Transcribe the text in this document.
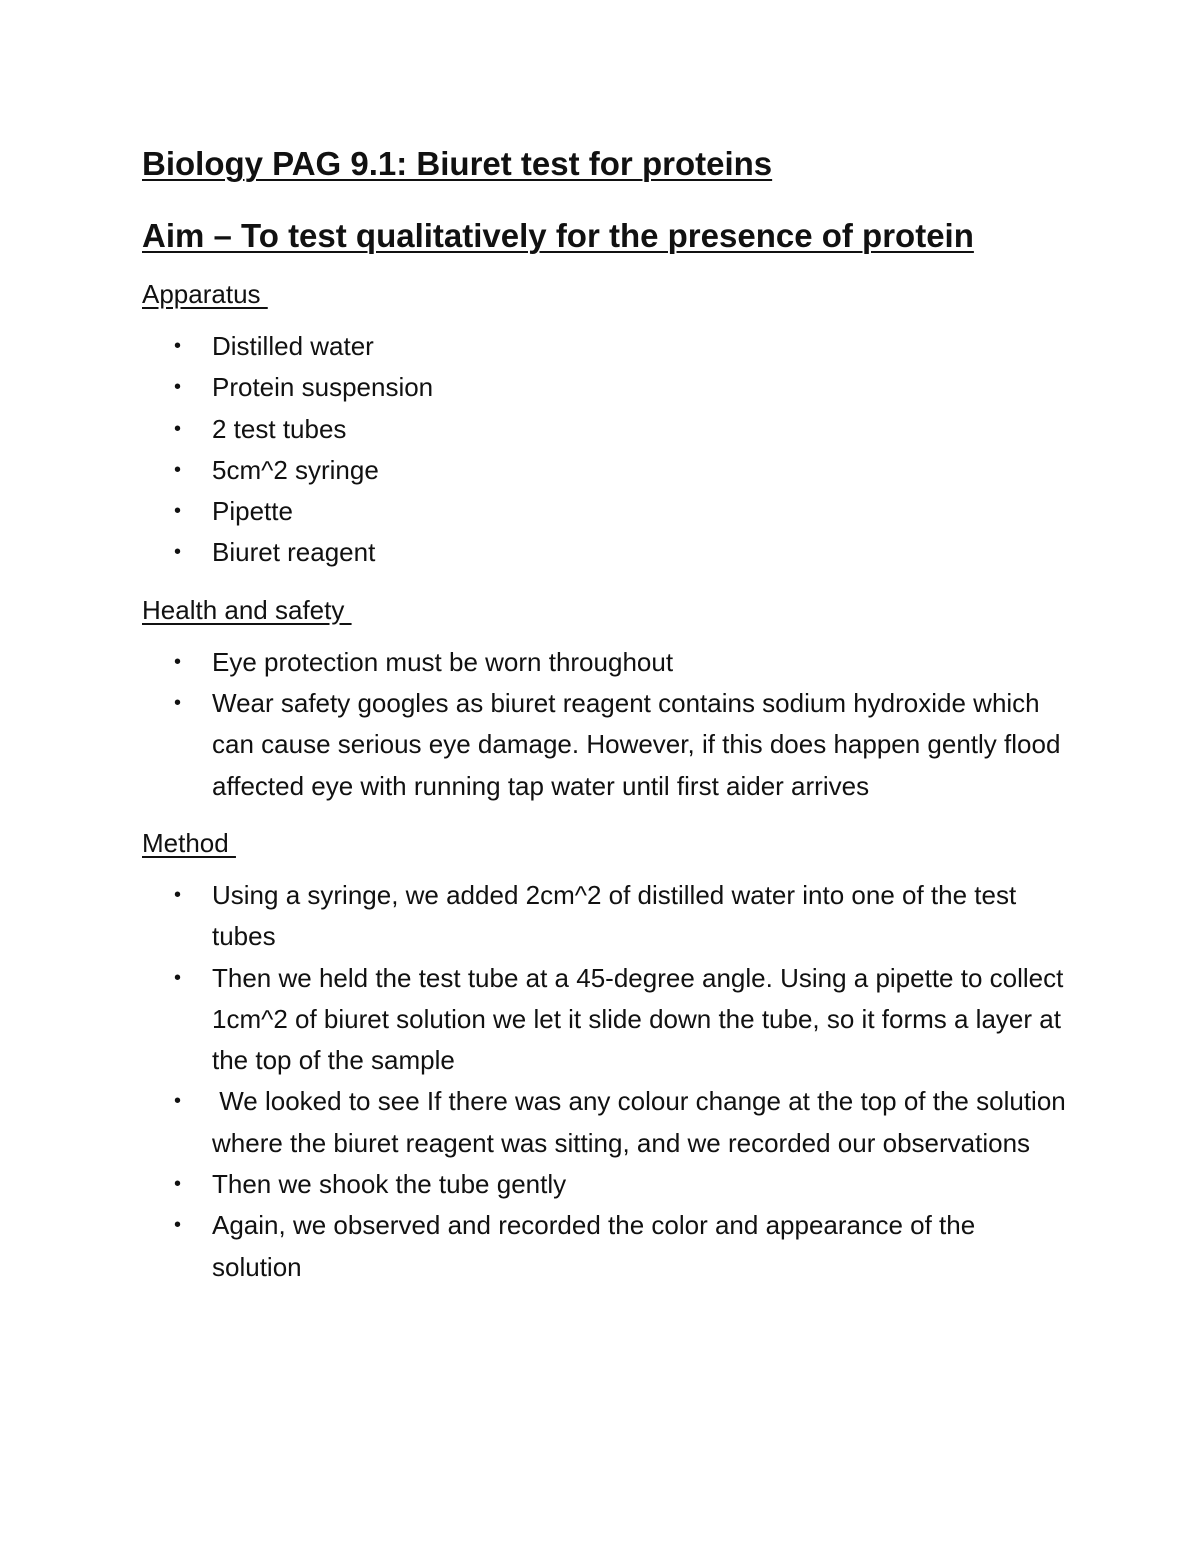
Biology PAG 9.1: Biuret test for proteins
Aim – To test qualitatively for the presence of protein
Apparatus
• Distilled water
• Protein suspension
• 2 test tubes
• 5cm^2 syringe
• Pipette
• Biuret reagent
Health and safety
• Eye protection must be worn throughout
• Wear safety googles as biuret reagent contains sodium hydroxide which can cause serious eye damage. However, if this does happen gently flood affected eye with running tap water until first aider arrives
Method
• Using a syringe, we added 2cm^2 of distilled water into one of the test tubes
• Then we held the test tube at a 45-degree angle. Using a pipette to collect 1cm^2 of biuret solution we let it slide down the tube, so it forms a layer at the top of the sample
• We looked to see If there was any colour change at the top of the solution where the biuret reagent was sitting, and we recorded our observations
• Then we shook the tube gently
• Again, we observed and recorded the color and appearance of the solution
